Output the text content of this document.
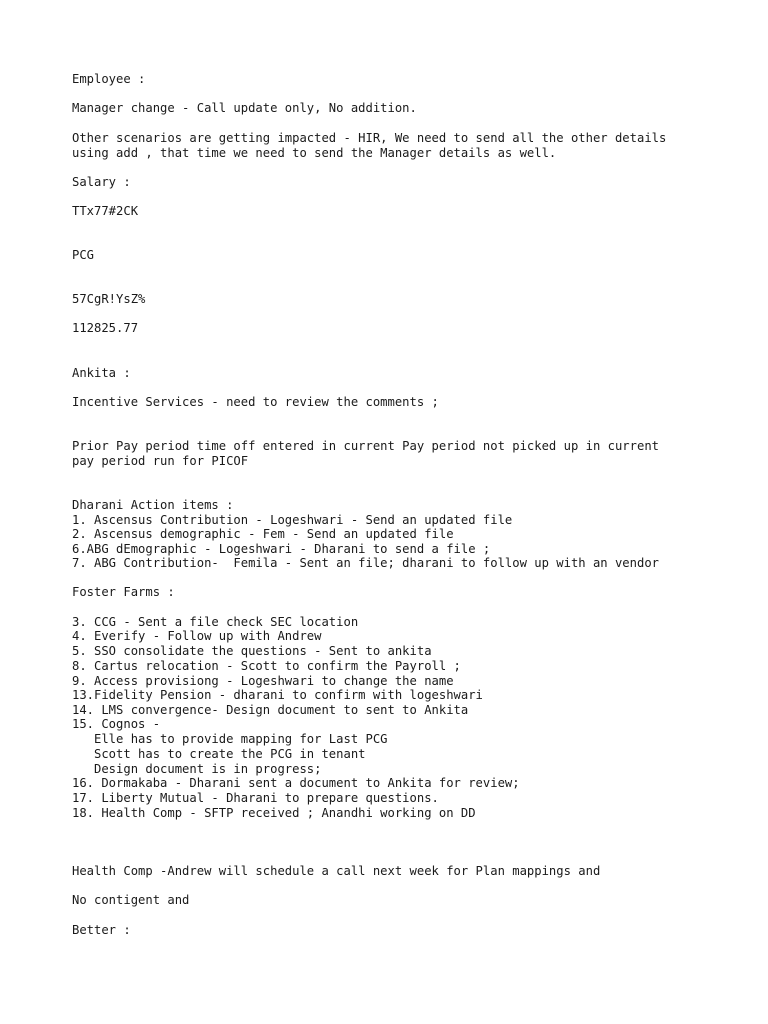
Employee :

Manager change - Call update only, No addition.

Other scenarios are getting impacted - HIR, We need to send all the other details

using add , that time we need to send the Manager details as well.

Salary :

TTx77#2CK

PCG

57CgR!YsZ%

112825.77

Ankita :

Incentive Services - need to review the comments ;

Prior Pay period time off entered in current Pay period not picked up in current

pay period run for PICOF

Dharani Action items :

1. Ascensus Contribution - Logeshwari - Send an updated file

2. Ascensus demographic - Fem - Send an updated file

6.ABG dEmographic - Logeshwari - Dharani to send a file ;

7. ABG Contribution-  Femila - Sent an file; dharani to follow up with an vendor

Foster Farms :

3. CCG - Sent a file check SEC location

4. Everify - Follow up with Andrew

5. SSO consolidate the questions - Sent to ankita

8. Cartus relocation - Scott to confirm the Payroll ;

9. Access provisiong - Logeshwari to change the name

13.Fidelity Pension - dharani to confirm with logeshwari

14. LMS convergence- Design document to sent to Ankita

15. Cognos -

Elle has to provide mapping for Last PCG

Scott has to create the PCG in tenant

Design document is in progress;

16. Dormakaba - Dharani sent a document to Ankita for review;

17. Liberty Mutual - Dharani to prepare questions.

18. Health Comp - SFTP received ; Anandhi working on DD

Health Comp -Andrew will schedule a call next week for Plan mappings and

No contigent and

Better :
